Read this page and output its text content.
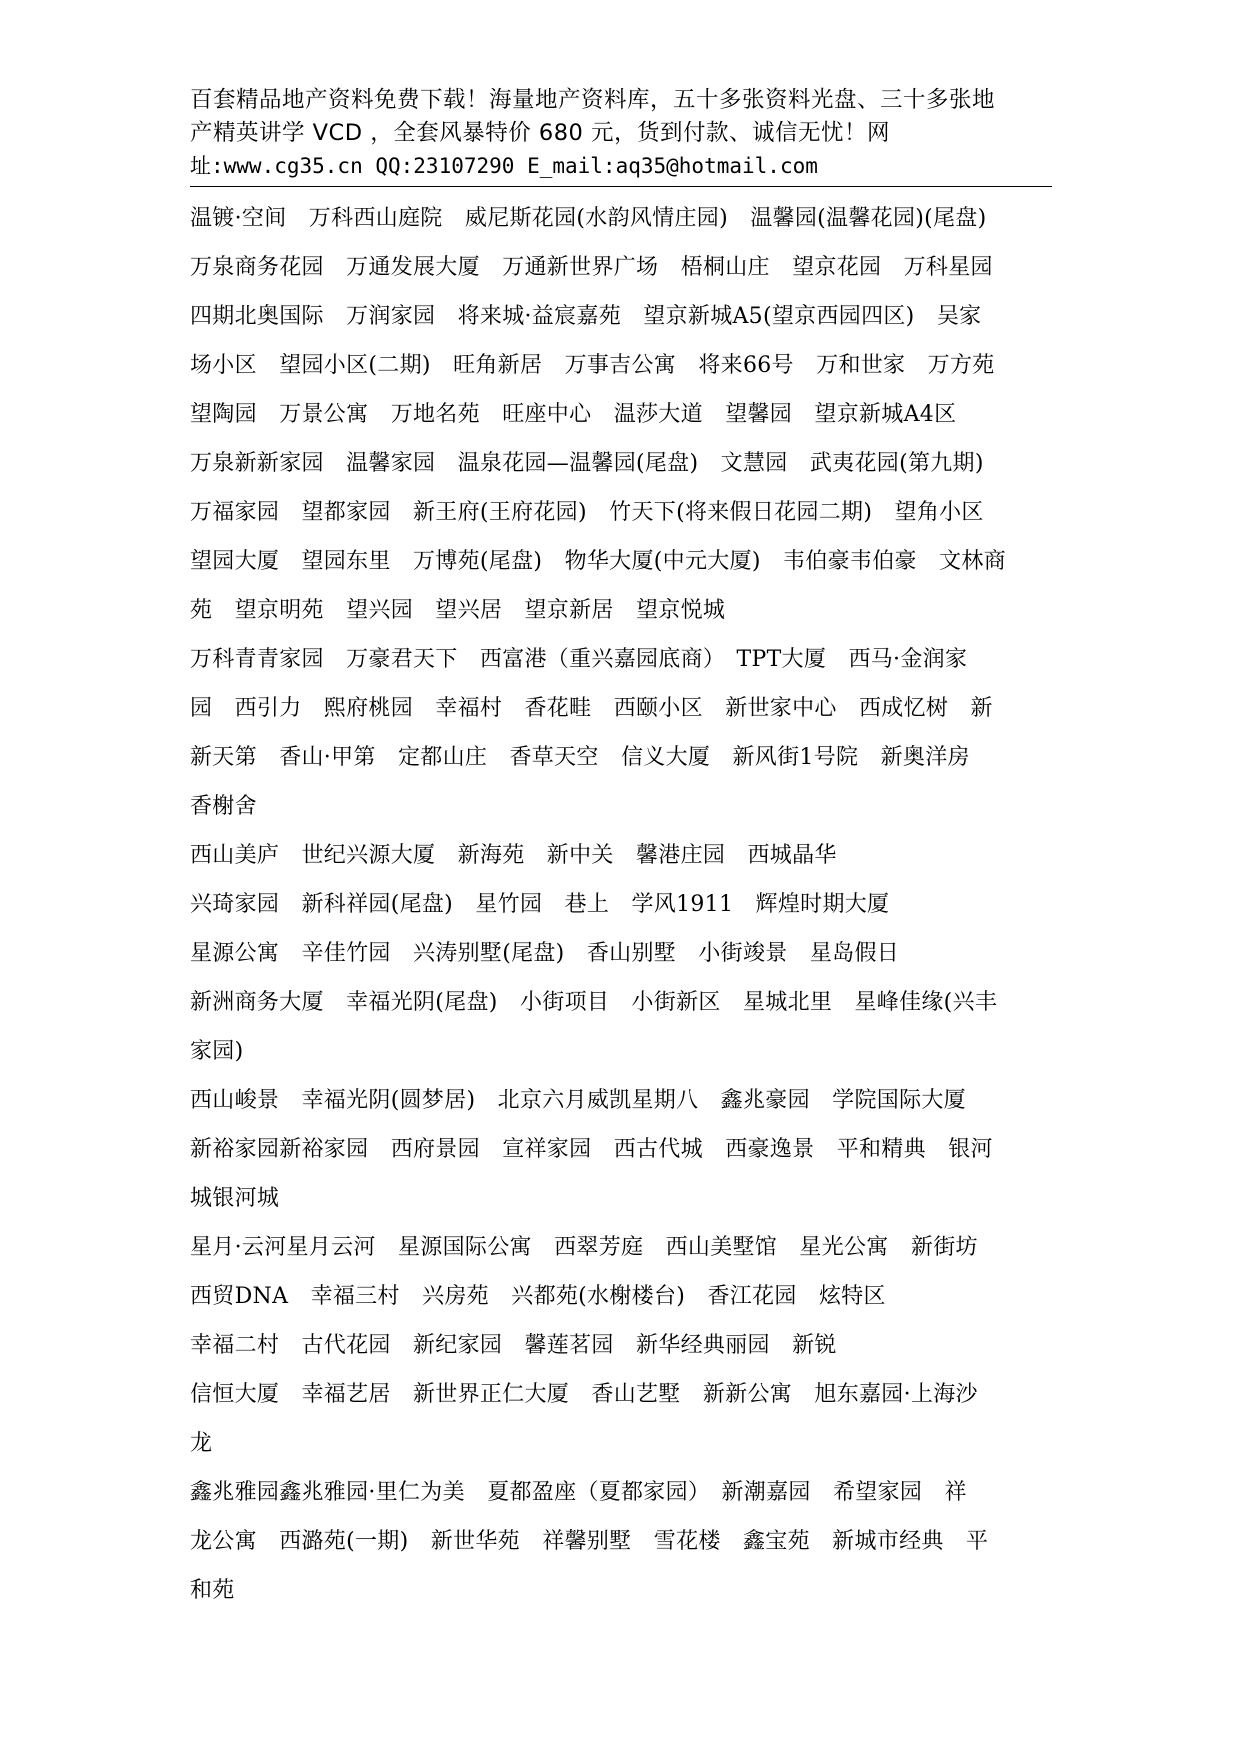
百套精品地产资料免费下载！海量地产资料库，五十多张资料光盘、三十多张地
产精英讲学 VCD ，全套风暴特价 680 元，货到付款、诚信无忧！网
址:www.cg35.cn QQ:23107290 E_mail:aq35@hotmail.com
温镀·空间　万科西山庭院　威尼斯花园(水韵风情庄园)　温馨园(温馨花园)(尾盘)
万泉商务花园　万通发展大厦　万通新世界广场　梧桐山庄　望京花园　万科星园
四期北奥国际　万润家园　将来城·益宸嘉苑　望京新城A5(望京西园四区)　吴家
场小区　望园小区(二期)　旺角新居　万事吉公寓　将来66号　万和世家　万方苑
望陶园　万景公寓　万地名苑　旺座中心　温莎大道　望馨园　望京新城A4区
万泉新新家园　温馨家园　温泉花园—温馨园(尾盘)　文慧园　武夷花园(第九期)
万福家园　望都家园　新王府(王府花园)　竹天下(将来假日花园二期)　望角小区
望园大厦　望园东里　万博苑(尾盘)　物华大厦(中元大厦)　韦伯豪韦伯豪　文林商
苑　望京明苑　望兴园　望兴居　望京新居　望京悦城
万科青青家园　万豪君天下　西富港（重兴嘉园底商）　TPT大厦　西马·金润家
园　西引力　熙府桃园　幸福村　香花畦　西颐小区　新世家中心　西成忆树　新
新天第　香山·甲第　定都山庄　香草天空　信义大厦　新风街1号院　新奥洋房
香榭舍
西山美庐　世纪兴源大厦　新海苑　新中关　馨港庄园　西城晶华
兴琦家园　新科祥园(尾盘)　星竹园　巷上　学风1911　辉煌时期大厦
星源公寓　辛佳竹园　兴涛别墅(尾盘)　香山别墅　小街竣景　星岛假日
新洲商务大厦　幸福光阴(尾盘)　小街项目　小街新区　星城北里　星峰佳缘(兴丰
家园)
西山峻景　幸福光阴(圆梦居)　北京六月威凯星期八　鑫兆豪园　学院国际大厦
新裕家园新裕家园　西府景园　宣祥家园　西古代城　西豪逸景　平和精典　银河
城银河城
星月·云河星月云河　星源国际公寓　西翠芳庭　西山美墅馆　星光公寓　新街坊
西贸DNA　幸福三村　兴房苑　兴都苑(水榭楼台)　香江花园　炫特区
幸福二村　古代花园　新纪家园　馨莲茗园　新华经典丽园　新锐
信恒大厦　幸福艺居　新世界正仁大厦　香山艺墅　新新公寓　旭东嘉园·上海沙
龙
鑫兆雅园鑫兆雅园·里仁为美　夏都盈座（夏都家园）　新潮嘉园　希望家园　祥
龙公寓　西潞苑(一期)　新世华苑　祥馨别墅　雪花楼　鑫宝苑　新城市经典　平
和苑
